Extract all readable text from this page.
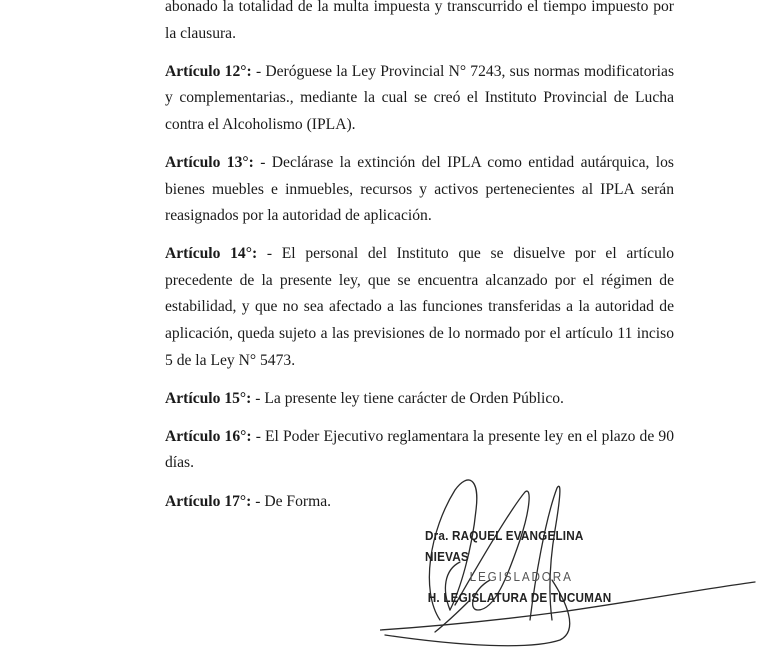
abonado la totalidad de la multa impuesta y transcurrido el tiempo impuesto por la clausura.

Artículo 12°: - Deróguese la Ley Provincial N° 7243, sus normas modificatorias y complementarias., mediante la cual se creó el Instituto Provincial de Lucha contra el Alcoholismo (IPLA).

Artículo 13°: - Declárase la extinción del IPLA como entidad autárquica, los bienes muebles e inmuebles, recursos y activos pertenecientes al IPLA serán reasignados por la autoridad de aplicación.

Artículo 14°: - El personal del Instituto que se disuelve por el artículo precedente de la presente ley, que se encuentra alcanzado por el régimen de estabilidad, y que no sea afectado a las funciones transferidas a la autoridad de aplicación, queda sujeto a las previsiones de lo normado por el artículo 11 inciso 5 de la Ley N° 5473.

Artículo 15°: - La presente ley tiene carácter de Orden Público.

Artículo 16°: - El Poder Ejecutivo reglamentara la presente ley en el plazo de 90 días.

Artículo 17°: - De Forma.

Dra. RAQUEL EVANGELINA NIEVAS
LEGISLADORA
H. LEGISLATURA DE TUCUMAN
